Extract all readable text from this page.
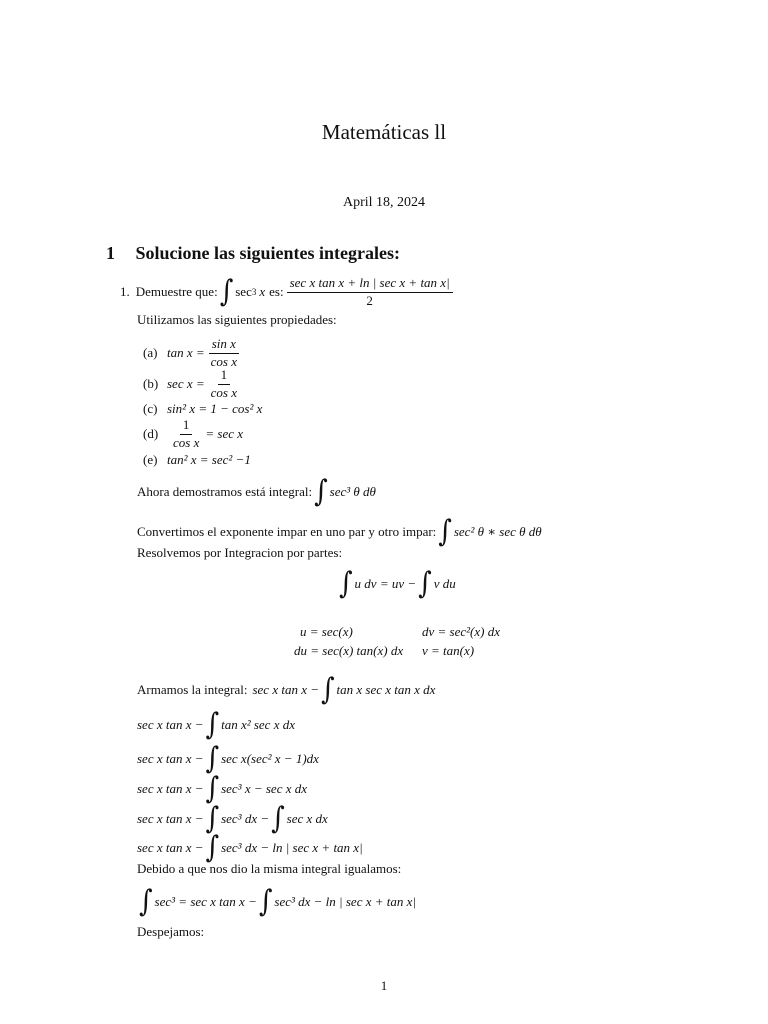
Matemáticas ll
April 18, 2024
1 Solucione las siguientes integrales:
1. Demuestre que: ∫ sec 3 x es: $\frac{\text{sec x tan x + ln | sec x + tan x|}}{2}$
Utilizamos las siguientes propiedades:
(a) $\tan x = \frac{\text{sin x}}{\text{cos x}}$
(b) $\sec x = \frac{1}{\text{cos x}}$
(c) sin² x = 1 − cos² x
$(d) \frac{1}{\text{cos x}} = \sec x$
(e) tan² x = sec² −1
Ahora demostramos está integral: ∫ sec³ θ dθ
Convertimos el exponente impar en uno par y otro impar: ∫ sec² θ ∗ sec θ dθ
Resolvemos por Integracion por partes:
∫ u dv = uv − ∫ v du
u = sec(x)	dv = sec²(x) dx
du = sec(x) tan(x) dx v = tan(x)
Armamos la integral: sec x tan x − ∫ tan x sec x tan x dx
sec x tan x − ∫ tan x² sec x dx
sec x tan x − ∫ sec x(sec² x − 1)dx
sec x tan x − ∫ sec³ x − sec x dx
sec x tan x − ∫ sec³ dx − ∫ sec x dx
sec x tan x − ∫ sec³ dx − ln | sec x + tan x|
Debido a que nos dio la misma integral igualamos:
∫ sec³ = sec x tan x − ∫ sec³ dx − ln | sec x + tan x|
Despejamos:
1
